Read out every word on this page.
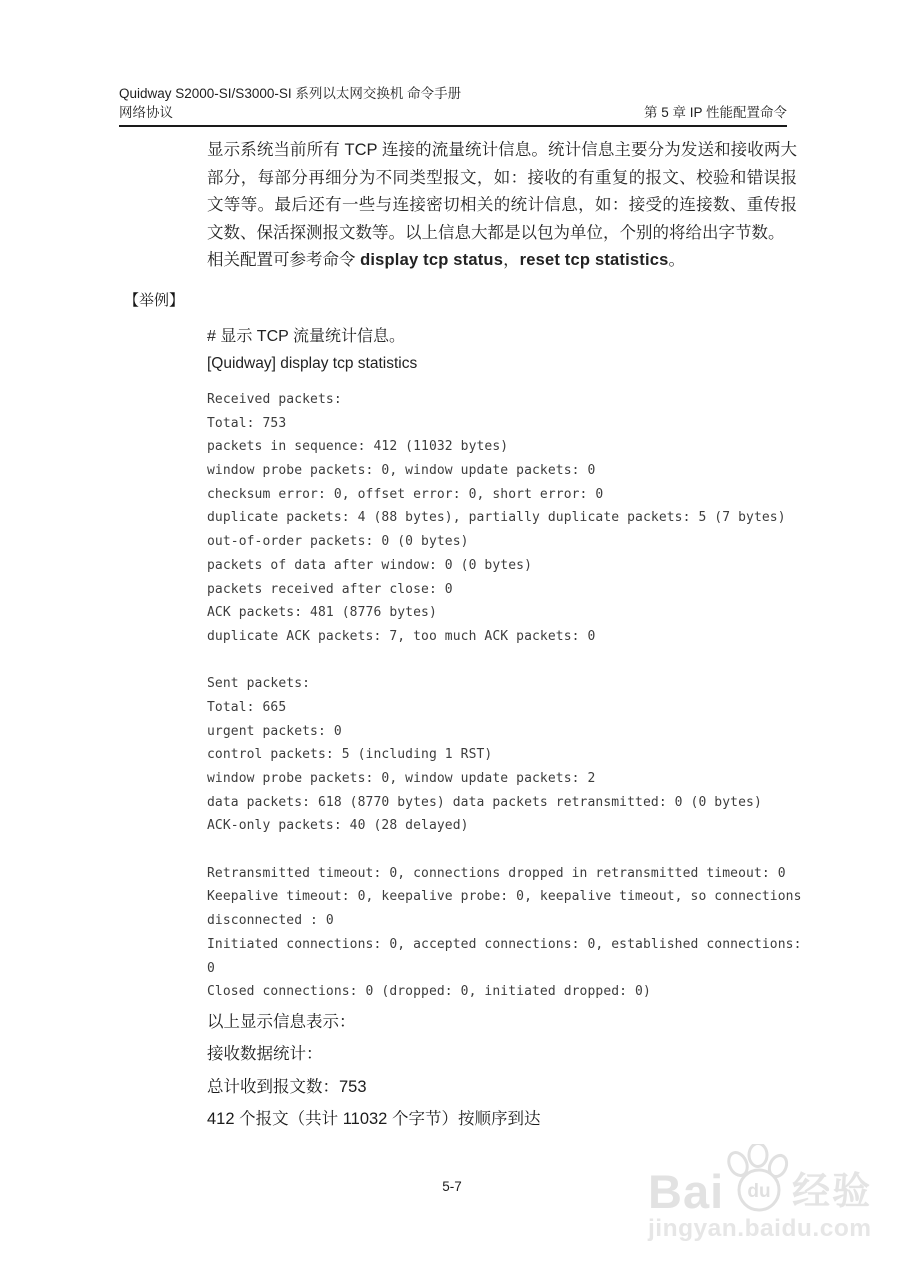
Quidway S2000-SI/S3000-SI 系列以太网交换机 命令手册
网络协议	第 5 章 IP 性能配置命令
显示系统当前所有 TCP 连接的流量统计信息。统计信息主要分为发送和接收两大部分，每部分再细分为不同类型报文，如：接收的有重复的报文、校验和错误报文等等。最后还有一些与连接密切相关的统计信息，如：接受的连接数、重传报文数、保活探测报文数等。以上信息大都是以包为单位，个别的将给出字节数。
相关配置可参考命令 display tcp status，reset tcp statistics。
【举例】
# 显示 TCP 流量统计信息。
[Quidway] display tcp statistics
Received packets:
Total: 753
packets in sequence: 412 (11032 bytes)
window probe packets: 0, window update packets: 0
checksum error: 0, offset error: 0, short error: 0
duplicate packets: 4 (88 bytes), partially duplicate packets: 5 (7 bytes)
out-of-order packets: 0 (0 bytes)
packets of data after window: 0 (0 bytes)
packets received after close: 0
ACK packets: 481 (8776 bytes)
duplicate ACK packets: 7, too much ACK packets: 0
Sent packets:
Total: 665
urgent packets: 0
control packets: 5 (including 1 RST)
window probe packets: 0, window update packets: 2
data packets: 618 (8770 bytes) data packets retransmitted: 0 (0 bytes)
ACK-only packets: 40 (28 delayed)
Retransmitted timeout: 0, connections dropped in retransmitted timeout: 0
Keepalive timeout: 0, keepalive probe: 0, keepalive timeout, so connections
disconnected : 0
Initiated connections: 0, accepted connections: 0, established connections:
0
Closed connections: 0 (dropped: 0, initiated dropped: 0)
以上显示信息表示：
接收数据统计：
总计收到报文数：753
412 个报文（共计 11032 个字节）按顺序到达
5-7	Bai du 经验
jingyan.baidu.com
